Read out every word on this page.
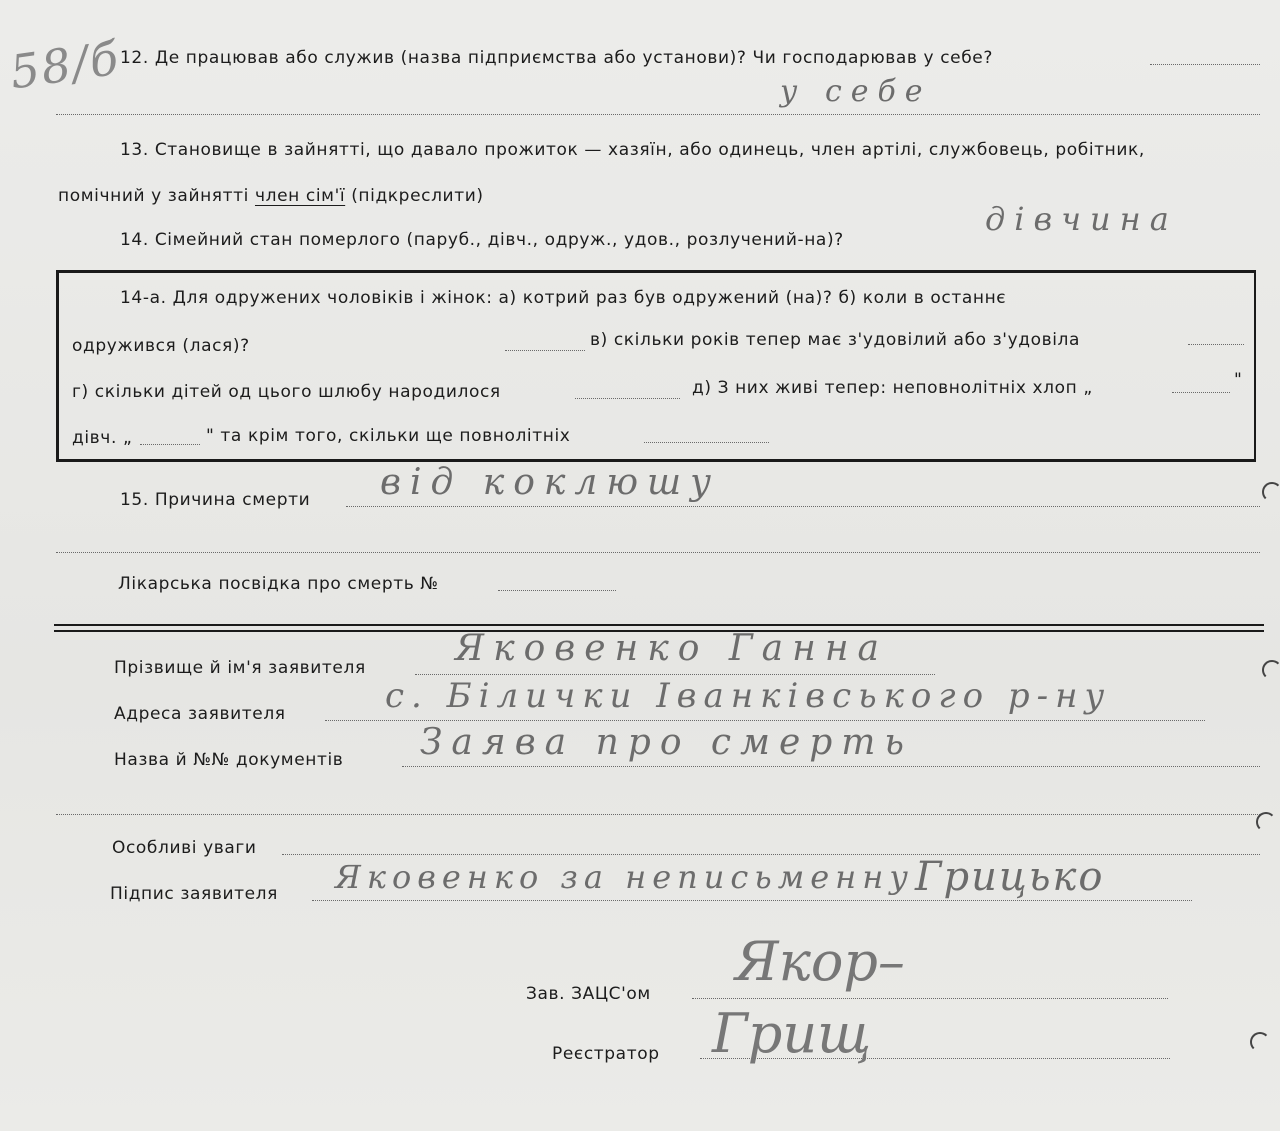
58/б
12. Де працював або служив (назва підприємства або установи)? Чи господарював у себе?
у себе
13. Становище в зайнятті, що давало прожиток — хазяїн, або одинець, член артілі, службовець, робітник,
помічний у зайнятті член сім'ї (підкреслити)
14. Сімейний стан померлого (паруб., дівч., одруж., удов., розлучений-на)?
дівчина
14-а. Для одружених чоловіків і жінок: а) котрий раз був одружений (на)? б) коли в останнє
одружився (лася)?	в) скільки років тепер має з'удовілий або з'удовіла
г) скільки дітей од цього шлюбу народилося	д) З них живі тепер: неповнолітніх хлоп „	"
дівч. „	" та крім того, скільки ще повнолітніх
15. Причина смерти від коклюшу
Лікарська посвідка про смерть №
Прізвище й ім'я заявителя Яковенко Ганна
Адреса заявителя	с. Білички Іванківського р-ну
Назва й №№ документів Заява про смерть
Особливі уваги
Підпис заявителя Яковенко за неписьменну Грицько
Зав. ЗАЦС'ом
Якор–
Реєстратор Грищ
